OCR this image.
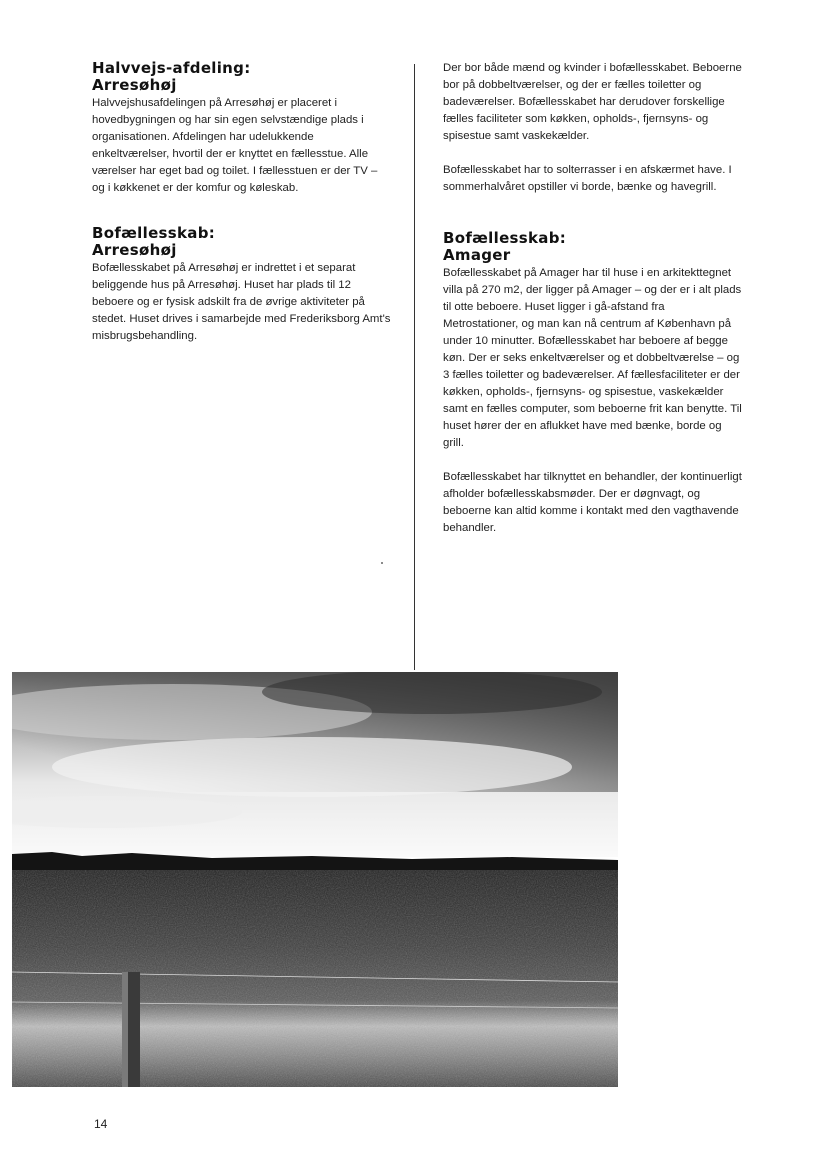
Halvvejs-afdeling:
Arresøhøj

Halvvejshusafdelingen på Arresøhøj er placeret i hovedbygningen og har sin egen selvstændige plads i organisationen. Afdelingen har udelukkende enkeltværelser, hvortil der er knyttet en fællesstue. Alle værelser har eget bad og toilet. I fællesstuen er der TV – og i køkkenet er der komfur og køleskab.

Bofællesskab:
Arresøhøj

Bofællesskabet på Arresøhøj er indrettet i et separat beliggende hus på Arresøhøj. Huset har plads til 12 beboere og er fysisk adskilt fra de øvrige aktiviteter på stedet. Huset drives i samarbejde med Frederiksborg Amt's misbrugsbehandling.

Der bor både mænd og kvinder i bofællesskabet. Beboerne bor på dobbeltværelser, og der er fælles toiletter og badeværelser. Bofællesskabet har derudover forskellige fælles faciliteter som køkken, opholds-, fjernsyns- og spisestue samt vaskekælder.

Bofællesskabet har to solterrasser i en afskærmet have. I sommerhalvåret opstiller vi borde, bænke og havegrill.

Bofællesskab:
Amager

Bofællesskabet på Amager har til huse i en arkitekttegnet villa på 270 m2, der ligger på Amager – og der er i alt plads til otte beboere. Huset ligger i gå-afstand fra Metrostationer, og man kan nå centrum af København på under 10 minutter. Bofællesskabet har beboere af begge køn. Der er seks enkeltværelser og et dobbeltværelse – og 3 fælles toiletter og badeværelser. Af fællesfaciliteter er der køkken, opholds-, fjernsyns- og spisestue, vaskekælder samt en fælles computer, som beboerne frit kan benytte. Til huset hører der en aflukket have med bænke, borde og grill.

Bofællesskabet har tilknyttet en behandler, der kontinuerligt afholder bofællesskabsmøder. Der er døgnvagt, og beboerne kan altid komme i kontakt med den vagthavende behandler.

14
